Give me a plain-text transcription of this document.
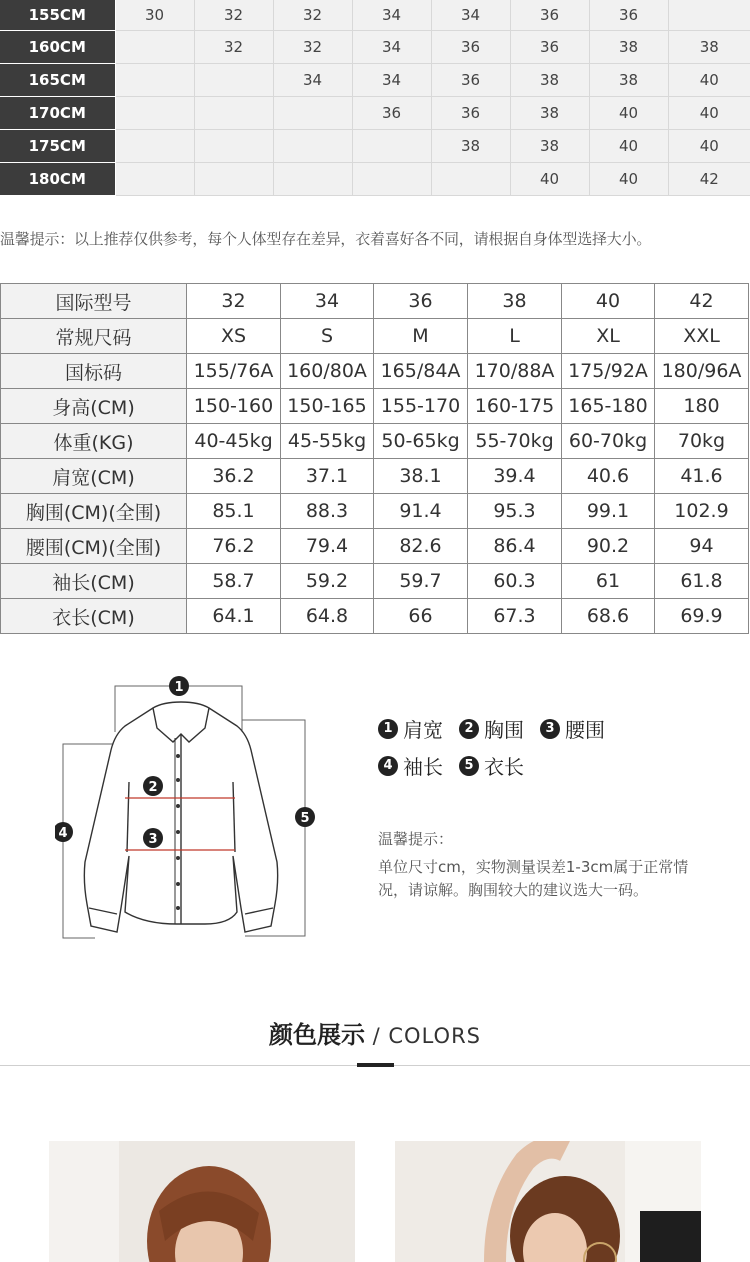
155CM	30	32	32	34	34	36	36	
160CM		32	32	34	36	36	38	38
165CM			34	34	36	38	38	40
170CM				36	36	38	40	40
175CM					38	38	40	40
180CM						40	40	42
温馨提示：以上推荐仅供参考，每个人体型存在差异，衣着喜好各不同，请根据自身体型选择大小。
国际型号	32	34	36	38	40	42
常规尺码	XS	S	M	L	XL	XXL
国标码	155/76A	160/80A	165/84A	170/88A	175/92A	180/96A
身高(CM)	150-160	150-165	155-170	160-175	165-180	180
体重(KG)	40-45kg	45-55kg	50-65kg	55-70kg	60-70kg	70kg
肩宽(CM)	36.2	37.1	38.1	39.4	40.6	41.6
胸围(CM)(全围)	85.1	88.3	91.4	95.3	99.1	102.9
腰围(CM)(全围)	76.2	79.4	82.6	86.4	90.2	94
袖长(CM)	58.7	59.2	59.7	60.3	61	61.8
衣长(CM)	64.1	64.8	66	67.3	68.6	69.9
1
2
3
4
5
1 肩宽	2 胸围	3 腰围
4 袖长	5 衣长
温馨提示：
单位尺寸cm，实物测量误差1-3cm属于正常情况，请谅解。胸围较大的建议选大一码。
颜色展示 / COLORS
